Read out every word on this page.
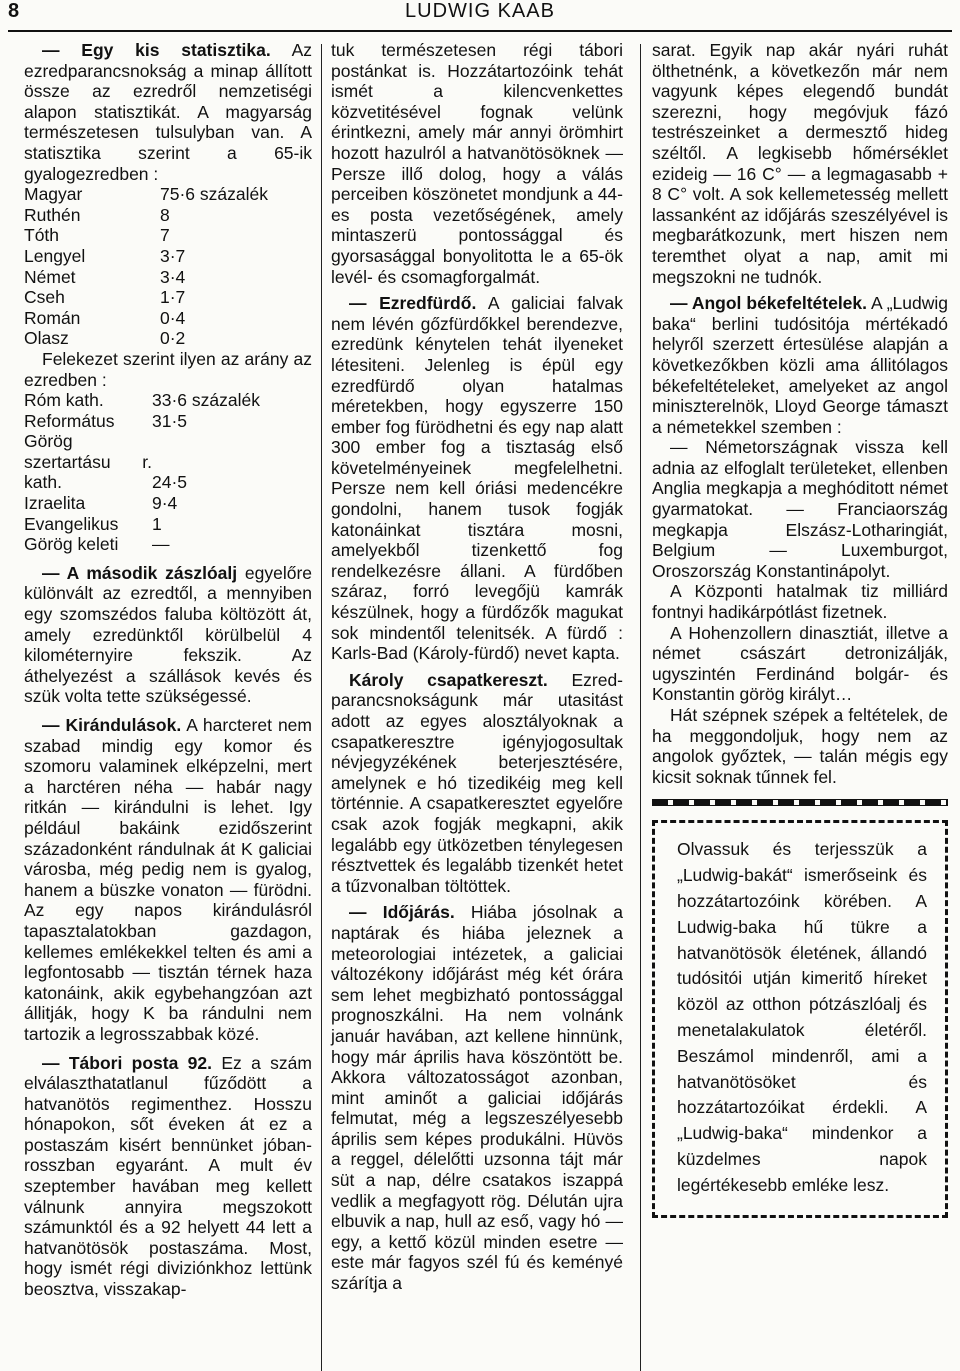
8	LUDWIG KAAB

— Egy kis statisztika. Az ezredparancsnokság a minap állított össze az ezredről nemzetiségi alapon statisztikát. A magyarság természetesen tulsulyban van. A statisztika szerint a 65-ik gyalogezredben :

Magyar	75·6 százalék
Ruthén	8
Tóth	7
Lengyel	3·7
Német	3·4
Cseh	1·7
Román	0·4
Olasz	0·2

Felekezet szerint ilyen az arány az ezredben :

Róm kath.	33·6 százalék
Református	31·5
Görög szertartásu r. kath.	24·5
Izraelita	9·4
Evangelikus	1
Görög keleti	—

— A második zászlóalj egyelőre különvált az ezredtől, a mennyiben egy szomszédos faluba költözött át, amely ezredünktől körülbelül 4 kilométernyire fekszik. Az áthelyezést a szállások kevés és szük volta tette szükségessé.

— Kirándulások. A harcteret nem szabad mindig egy komor és szomoru valaminek elképzelni, mert a harctéren néha — habár nagy ritkán — kirándulni is lehet. Igy például bakáink ezidőszerint századonként rándulnak át K galiciai városba, még pedig nem is gyalog, hanem a büszke vonaton — fürödni. Az egy napos kirándulásról tapasztalatokban gazdagon, kellemes emlékekkel telten és ami a legfontosabb — tisztán térnek haza katonáink, akik egybehangzóan azt állitják, hogy K ba rándulni nem tartozik a legrosszabbak közé.

— Tábori posta 92. Ez a szám elválaszthatatlanul fűződött a hatvanötös regimenthez. Hosszu hónapokon, sőt éveken át ez a postaszám kisért bennünket jóban-rosszban egyaránt. A mult év szeptember havában meg kellett válnunk annyira megszokott számunktól és a 92 helyett 44 lett a hatvanötösök postaszáma. Most, hogy ismét régi diviziónkhoz lettünk beosztva, visszakap-

tuk természetesen régi tábori postánkat is. Hozzátartozóink tehát ismét a kilencvenkettes közvetitésével fognak velünk érintkezni, amely már annyi örömhirt hozott hazulról a hatvanötösöknek — Persze illő dolog, hogy a válás perceiben köszönetet mondjunk a 44-es posta vezetőségének, amely mintaszerü pontossággal és gyorsasággal bonyolitotta le a 65-ök levél- és csomagforgalmát.

— Ezredfürdő. A galiciai falvak nem lévén gőzfürdőkkel berendezve, ezredünk kénytelen tehát ilyeneket létesiteni. Jelenleg is épül egy ezredfürdő olyan hatalmas méretekben, hogy egyszerre 150 ember fog fürödhetni és egy nap alatt 300 ember fog a tisztaság első követelményeinek megfelelhetni. Persze nem kell óriási medencékre gondolni, hanem tusok fogják katonáinkat tisztára mosni, amelyekből tizenkettő fog rendelkezésre állani. A fürdőben száraz, forró levegőjü kamrák készülnek, hogy a fürdőzők magukat sok mindentől telenitsék. A fürdő : Karls-Bad (Károly-fürdő) nevet kapta.

Károly csapatkereszt. Ezred-parancsnokságunk már utasitást adott az egyes alosztályoknak a csapatkeresztre igényjogosultak névjegyzékének beterjesztésére, amelynek e hó tizedikéig meg kell történnie. A csapatkeresztet egyelőre csak azok fogják megkapni, akik legalább egy ütközetben ténylegesen résztvettek és legalább tizenkét hetet a tűzvonalban töltöttek.

— Időjárás. Hiába jósolnak a naptárak és hiába jeleznek a meteorologiai intézetek, a galiciai változékony időjárást még két órára sem lehet megbizható pontossággal prognoszkálni. Ha nem volnánk január havában, azt kellene hinnünk, hogy már április hava köszöntött be. Akkora változatosságot azonban, mint aminőt a galiciai időjárás felmutat, még a legszeszélyesebb április sem képes produkálni. Hüvös a reggel, délelőtti uzsonna tájt már süt a nap, délre csatakos iszappá vedlik a megfagyott rög. Délután ujra elbuvik a nap, hull az eső, vagy hó — egy, a kettő közül minden esetre — este már fagyos szél fú és keményé szárítja a

sarat. Egyik nap akár nyári ruhát ölthetnénk, a következőn már nem vagyunk képes elegendő bundát szerezni, hogy megóvjuk fázó testrészeinket a dermesztő hideg széltől. A legkisebb hőmérséklet ezideig — 16 C° — a legmagasabb + 8 C° volt. A sok kellemetesség mellett lassanként az időjárás szeszélyével is megbarátkozunk, mert hiszen nem teremthet olyat a nap, amit mi megszokni ne tudnók.

— Angol békefeltételek. A „Ludwig baka“ berlini tudósitója mértékadó helyről szerzett értesülése alapján a következőkben közli ama állitólagos békefeltételeket, amelyeket az angol miniszterelnök, Lloyd George támaszt a németekkel szemben :

— Németországnak vissza kell adnia az elfoglalt területeket, ellenben Anglia megkapja a meghóditott német gyarmatokat. — Franciaország megkapja Elszász-Lotharingiát, Belgium — Luxemburgot, Oroszország Konstantinápolyt.

A Központi hatalmak tiz milliárd fontnyi hadikárpótlást fizetnek.

A Hohenzollern dinasztiát, illetve a német császárt detronizálják, ugyszintén Ferdinánd bolgár- és Konstantin görög királyt…

Hát szépnek szépek a feltételek, de ha meggondoljuk, hogy nem az angolok győztek, — talán mégis egy kicsit soknak tűnnek fel.

Olvassuk és terjesszük a „Ludwig-bakát“ ismerőseink és hozzátartozóink körében. A Ludwig-baka hű tükre a hatvanötösök életének, állandó tudósitói utján kimeritő híreket közöl az otthon pótzászlóalj és menetalakulatok életéről. Beszámol mindenről, ami a hatvanötösöket és hozzátartozóikat érdekli. A „Ludwig-baka“ mindenkor a küzdelmes napok legértékesebb emléke lesz.
